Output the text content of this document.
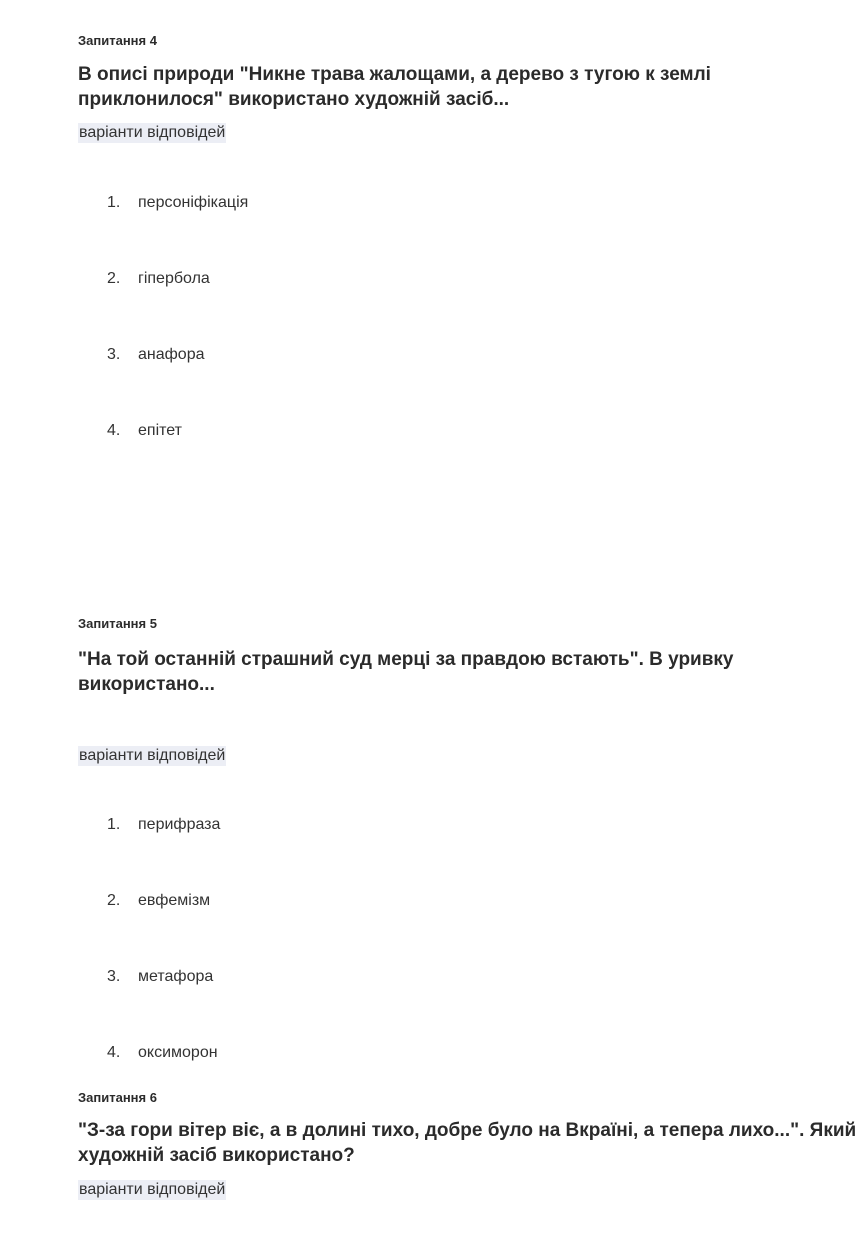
Запитання 4
В описі природи "Никне трава жалощами, а дерево з тугою к землі приклонилося" використано художній засіб...
варіанти відповідей
1. персоніфікація
2. гіпербола
3. анафора
4. епітет
Запитання 5
"На той останній страшний суд мерці за правдою встають". В уривку використано...
варіанти відповідей
1. перифраза
2. евфемізм
3. метафора
4. оксиморон
Запитання 6
"З-за гори вітер віє, а в долині тихо, добре було на Вкраїні, а тепера лихо...". Який художній засіб використано?
варіанти відповідей
